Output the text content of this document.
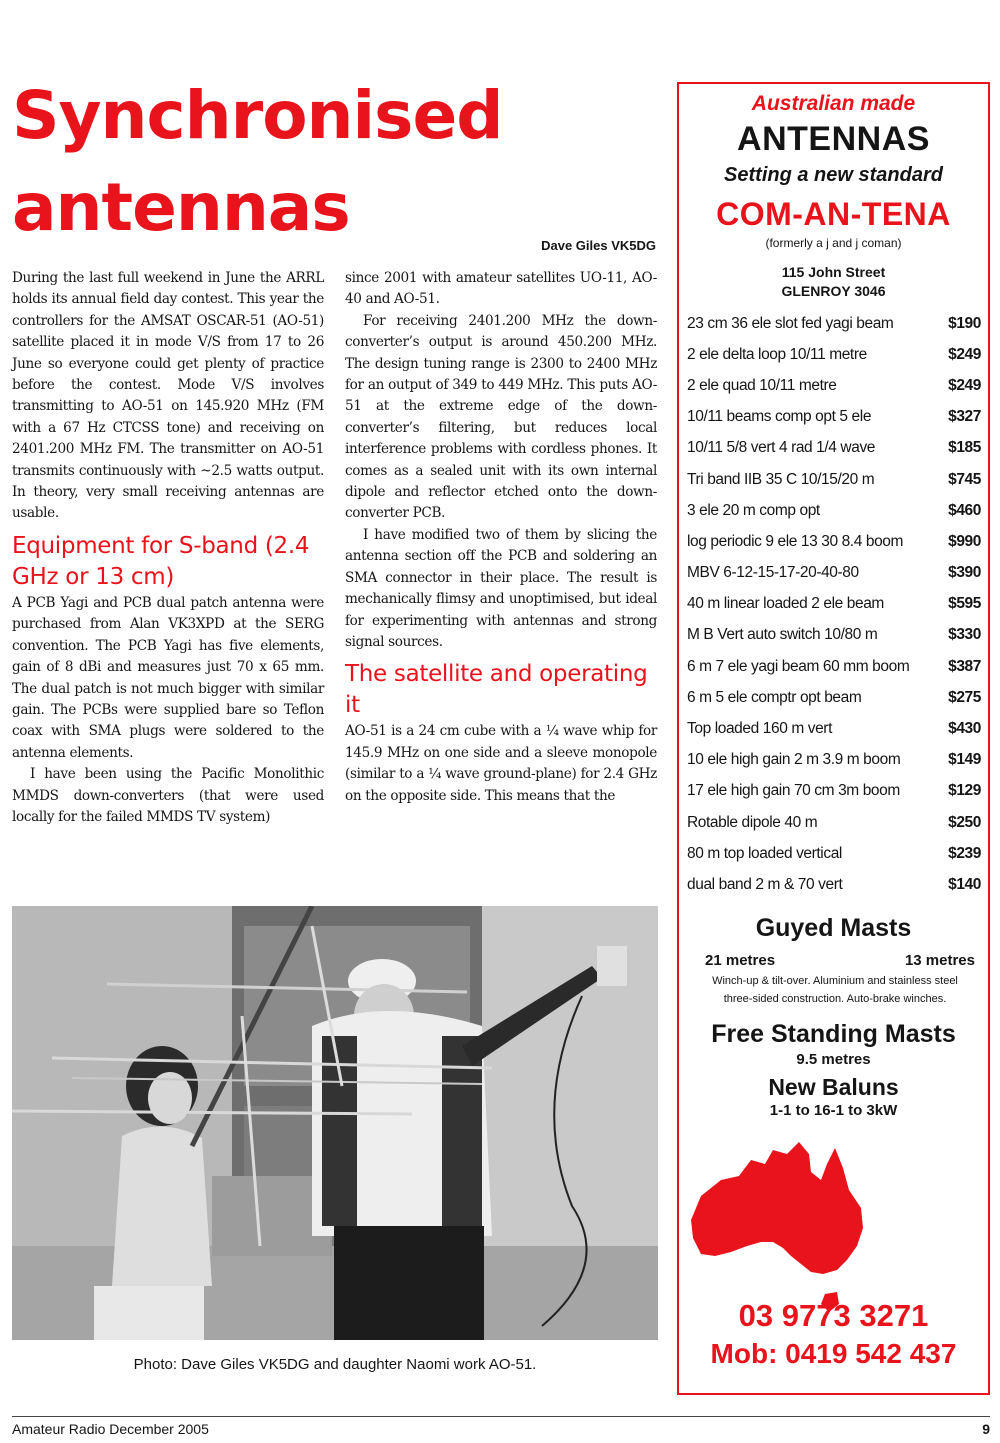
Synchronised
antennas	Dave Giles VK5DG

During the last full weekend in June the ARRL holds its annual field day contest. This year the controllers for the AMSAT OSCAR-51 (AO-51) satellite placed it in mode V/S from 17 to 26 June so everyone could get plenty of practice before the contest. Mode V/S involves transmitting to AO-51 on 145.920 MHz (FM with a 67 Hz CTCSS tone) and receiving on 2401.200 MHz FM. The transmitter on AO-51 transmits continuously with ~2.5 watts output. In theory, very small receiving antennas are usable.

Equipment for S-band (2.4 GHz or 13 cm)

A PCB Yagi and PCB dual patch antenna were purchased from Alan VK3XPD at the SERG convention. The PCB Yagi has five elements, gain of 8 dBi and measures just 70 x 65 mm. The dual patch is not much bigger with similar gain. The PCBs were supplied bare so Teflon coax with SMA plugs were soldered to the antenna elements.

I have been using the Pacific Monolithic MMDS down-converters (that were used locally for the failed MMDS TV system)

since 2001 with amateur satellites UO-11, AO-40 and AO-51.

For receiving 2401.200 MHz the down-converter’s output is around 450.200 MHz. The design tuning range is 2300 to 2400 MHz for an output of 349 to 449 MHz. This puts AO-51 at the extreme edge of the down-converter’s filtering, but reduces local interference problems with cordless phones. It comes as a sealed unit with its own internal dipole and reflector etched onto the down-converter PCB.

I have modified two of them by slicing the antenna section off the PCB and soldering an SMA connector in their place. The result is mechanically flimsy and unoptimised, but ideal for experimenting with antennas and strong signal sources.

The satellite and operating it

AO-51 is a 24 cm cube with a ¼ wave whip for 145.9 MHz on one side and a sleeve monopole (similar to a ¼ wave ground-plane) for 2.4 GHz on the opposite side. This means that the

Photo: Dave Giles VK5DG and daughter Naomi work AO-51.
Australian made
ANTENNAS
Setting a new standard
COM-AN-TENA
(formerly a j and j coman)
115 John Street
GLENROY 3046
23 cm 36 ele slot fed yagi beam	$190
2 ele delta loop 10/11 metre	$249
2 ele quad 10/11 metre	$249
10/11 beams comp opt 5 ele	$327
10/11 5/8 vert 4 rad 1/4 wave	$185
Tri band IIB 35 C 10/15/20 m	$745
3 ele 20 m comp opt	$460
log periodic 9 ele 13 30 8.4 boom	$990
MBV 6-12-15-17-20-40-80	$390
40 m linear loaded 2 ele beam	$595
M B Vert auto switch 10/80 m	$330
6 m 7 ele yagi beam 60 mm boom	$387
6 m 5 ele comptr opt beam	$275
Top loaded 160 m vert	$430
10 ele high gain 2 m 3.9 m boom	$149
17 ele high gain 70 cm 3m boom	$129
Rotable dipole 40 m	$250
80 m top loaded vertical	$239
dual band 2 m & 70 vert	$140
Guyed Masts
21 metres	13 metres
Winch-up & tilt-over. Aluminium and stainless steel
three-sided construction. Auto-brake winches.
Free Standing Masts
9.5 metres
New Baluns
1-1 to 16-1 to 3kW
03 9773 3271
Mob: 0419 542 437
Amateur Radio December 2005	9
